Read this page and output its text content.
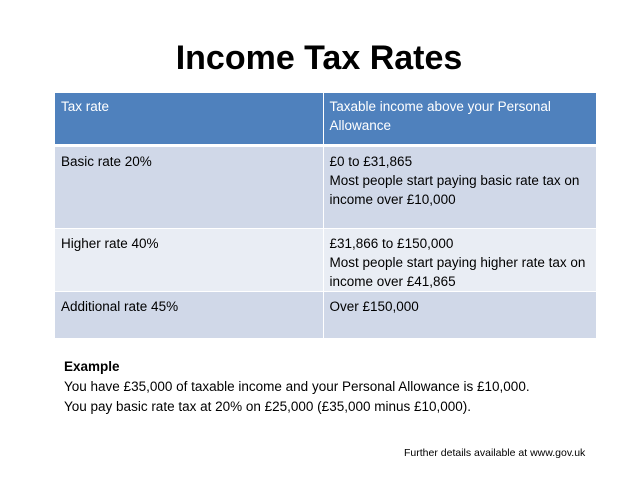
Income Tax Rates
Tax rate	Taxable income above your Personal Allowance
Basic rate 20%	£0 to £31,865
Most people start paying basic rate tax on income over £10,000

Higher rate 40%	£31,866 to £150,000
Most people start paying higher rate tax on income over £41,865

Additional rate 45%	Over £150,000
Example
You have £35,000 of taxable income and your Personal Allowance is £10,000.
You pay basic rate tax at 20% on £25,000 (£35,000 minus £10,000).
Further details available at www.gov.uk
